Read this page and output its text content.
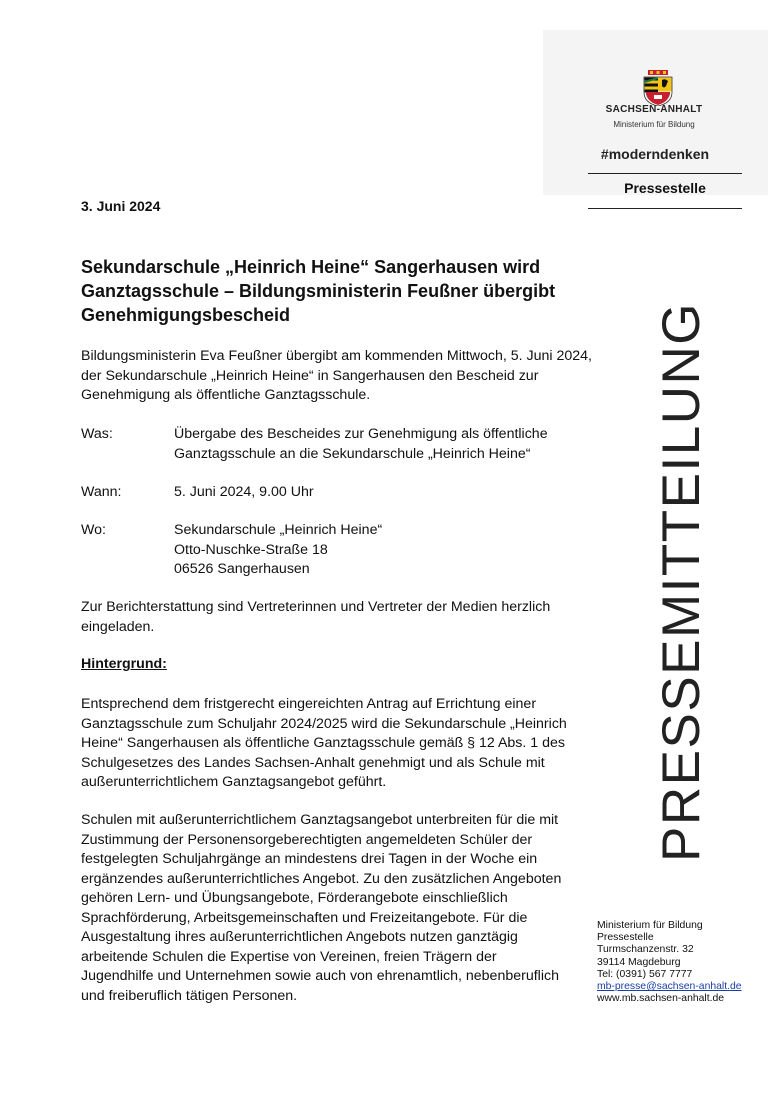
SACHSEN-ANHALT
Ministerium für Bildung
#moderndenken
Pressestelle
PRESSEMITTEILUNG
3. Juni 2024
Sekundarschule „Heinrich Heine“ Sangerhausen wird
Ganztagsschule – Bildungsministerin Feußner übergibt
Genehmigungsbescheid
Bildungsministerin Eva Feußner übergibt am kommenden Mittwoch, 5. Juni 2024,
der Sekundarschule „Heinrich Heine“ in Sangerhausen den Bescheid zur
Genehmigung als öffentliche Ganztagsschule.
Was:	Übergabe des Bescheides zur Genehmigung als öffentliche
Ganztagsschule an die Sekundarschule „Heinrich Heine“
Wann:	5. Juni 2024, 9.00 Uhr
Wo:	Sekundarschule „Heinrich Heine“
Otto-Nuschke-Straße 18
06526 Sangerhausen
Zur Berichterstattung sind Vertreterinnen und Vertreter der Medien herzlich
eingeladen.
Hintergrund:
Entsprechend dem fristgerecht eingereichten Antrag auf Errichtung einer
Ganztagsschule zum Schuljahr 2024/2025 wird die Sekundarschule „Heinrich
Heine“ Sangerhausen als öffentliche Ganztagsschule gemäß § 12 Abs. 1 des
Schulgesetzes des Landes Sachsen-Anhalt genehmigt und als Schule mit
außerunterrichtlichem Ganztagsangebot geführt.
Schulen mit außerunterrichtlichem Ganztagsangebot unterbreiten für die mit
Zustimmung der Personensorgeberechtigten angemeldeten Schüler der
festgelegten Schuljahrgänge an mindestens drei Tagen in der Woche ein
ergänzendes außerunterrichtliches Angebot. Zu den zusätzlichen Angeboten
gehören Lern- und Übungsangebote, Förderangebote einschließlich
Sprachförderung, Arbeitsgemeinschaften und Freizeitangebote. Für die
Ausgestaltung ihres außerunterrichtlichen Angebots nutzen ganztägig
arbeitende Schulen die Expertise von Vereinen, freien Trägern der
Jugendhilfe und Unternehmen sowie auch von ehrenamtlich, nebenberuflich
und freiberuflich tätigen Personen.
Ministerium für Bildung
Pressestelle
Turmschanzenstr. 32
39114 Magdeburg
Tel: (0391) 567 7777
mb-presse@sachsen-anhalt.de
www.mb.sachsen-anhalt.de
